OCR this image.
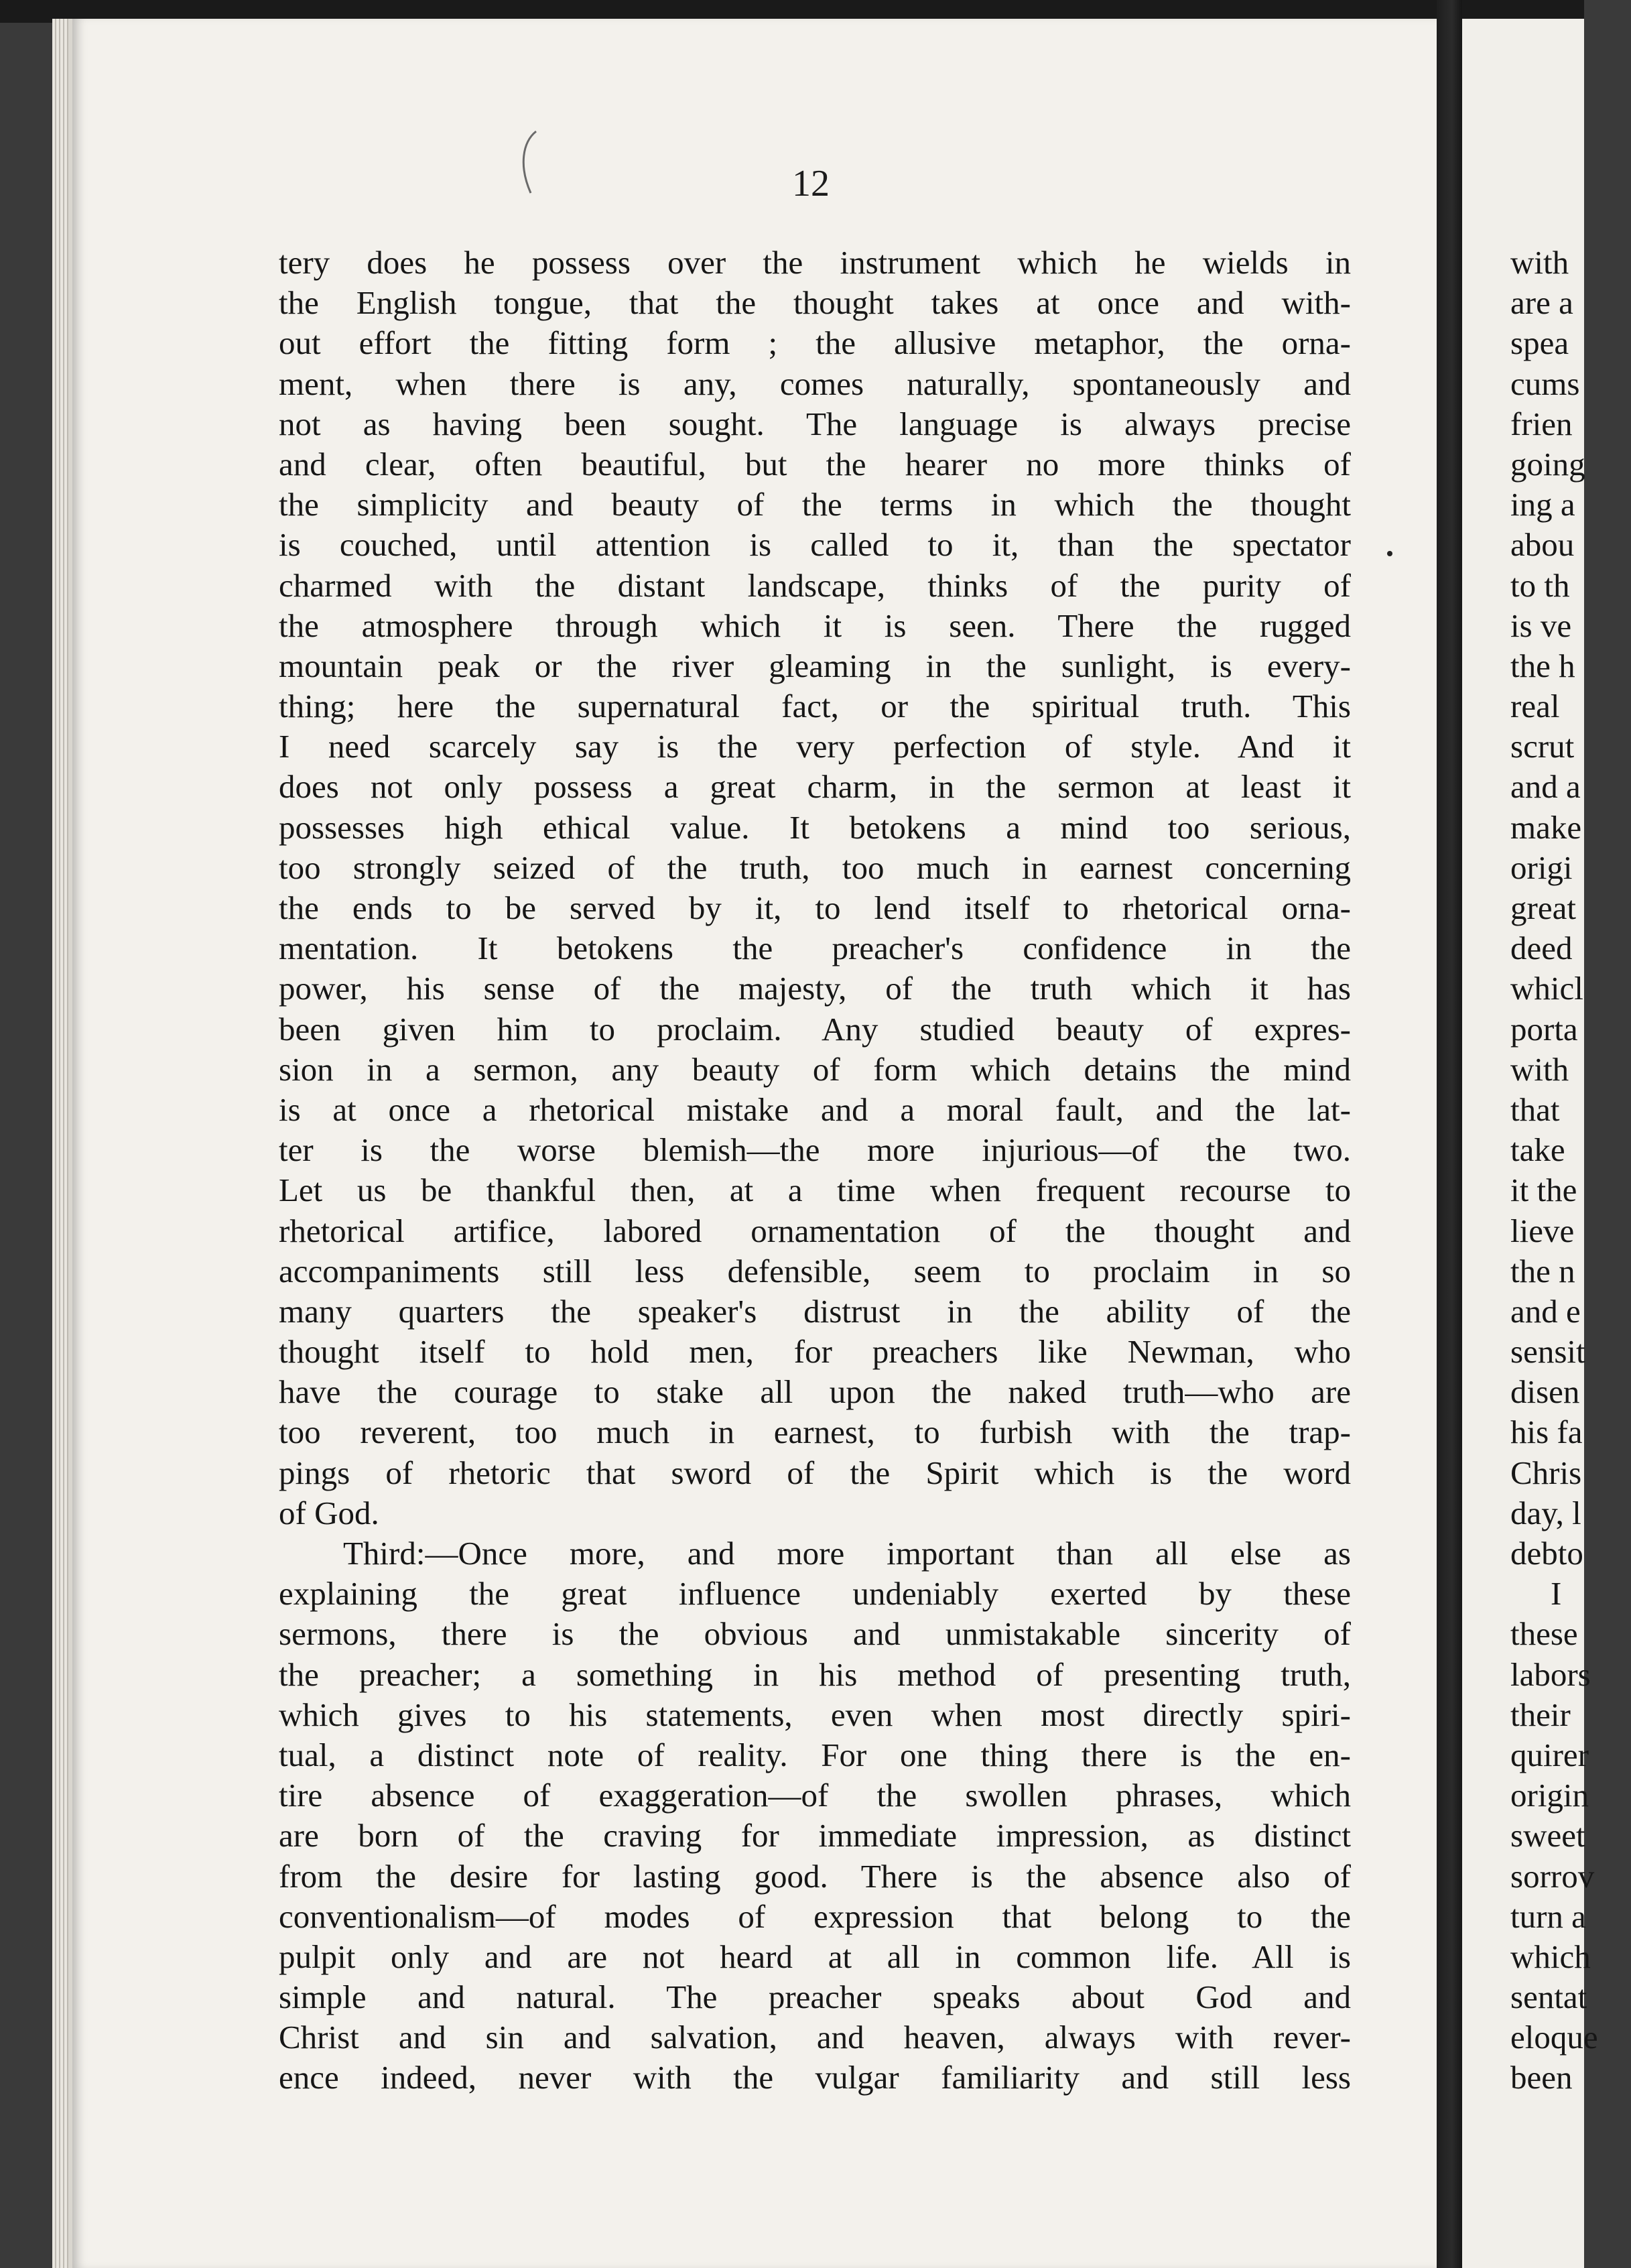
12
tery does he possess over the instrument which he wields in
the English tongue, that the thought takes at once and with-
out effort the fitting form ; the allusive metaphor, the orna-
ment, when there is any, comes naturally, spontaneously and
not as having been sought. The language is always precise
and clear, often beautiful, but the hearer no more thinks of
the simplicity and beauty of the terms in which the thought
is couched, until attention is called to it, than the spectator
charmed with the distant landscape, thinks of the purity of
the atmosphere through which it is seen. There the rugged
mountain peak or the river gleaming in the sunlight, is every-
thing; here the supernatural fact, or the spiritual truth. This
I need scarcely say is the very perfection of style. And it
does not only possess a great charm, in the sermon at least it
possesses high ethical value. It betokens a mind too serious,
too strongly seized of the truth, too much in earnest concerning
the ends to be served by it, to lend itself to rhetorical orna-
mentation. It betokens the preacher's confidence in the
power, his sense of the majesty, of the truth which it has
been given him to proclaim. Any studied beauty of expres-
sion in a sermon, any beauty of form which detains the mind
is at once a rhetorical mistake and a moral fault, and the lat-
ter is the worse blemish—the more injurious—of the two.
Let us be thankful then, at a time when frequent recourse to
rhetorical artifice, labored ornamentation of the thought and
accompaniments still less defensible, seem to proclaim in so
many quarters the speaker's distrust in the ability of the
thought itself to hold men, for preachers like Newman, who
have the courage to stake all upon the naked truth—who are
too reverent, too much in earnest, to furbish with the trap-
pings of rhetoric that sword of the Spirit which is the word
of God.
Third:—Once more, and more important than all else as
explaining the great influence undeniably exerted by these
sermons, there is the obvious and unmistakable sincerity of
the preacher; a something in his method of presenting truth,
which gives to his statements, even when most directly spiri-
tual, a distinct note of reality. For one thing there is the en-
tire absence of exaggeration—of the swollen phrases, which
are born of the craving for immediate impression, as distinct
from the desire for lasting good. There is the absence also of
conventionalism—of modes of expression that belong to the
pulpit only and are not heard at all in common life. All is
simple and natural. The preacher speaks about God and
Christ and sin and salvation, and heaven, always with rever-
ence indeed, never with the vulgar familiarity and still less
with
are a
spea
cums
frien
going
ing a
abou
to th
is ve
the h
real
scrut
and a
make
origi
great
deed
whicl
porta
with
that
take
it the
lieve
the n
and e
sensit
disen
his fa
Chris
day, l
debto
I
these
labors
their
quirer
origin
sweet
sorrov
turn a
which
sentat
eloque
been
